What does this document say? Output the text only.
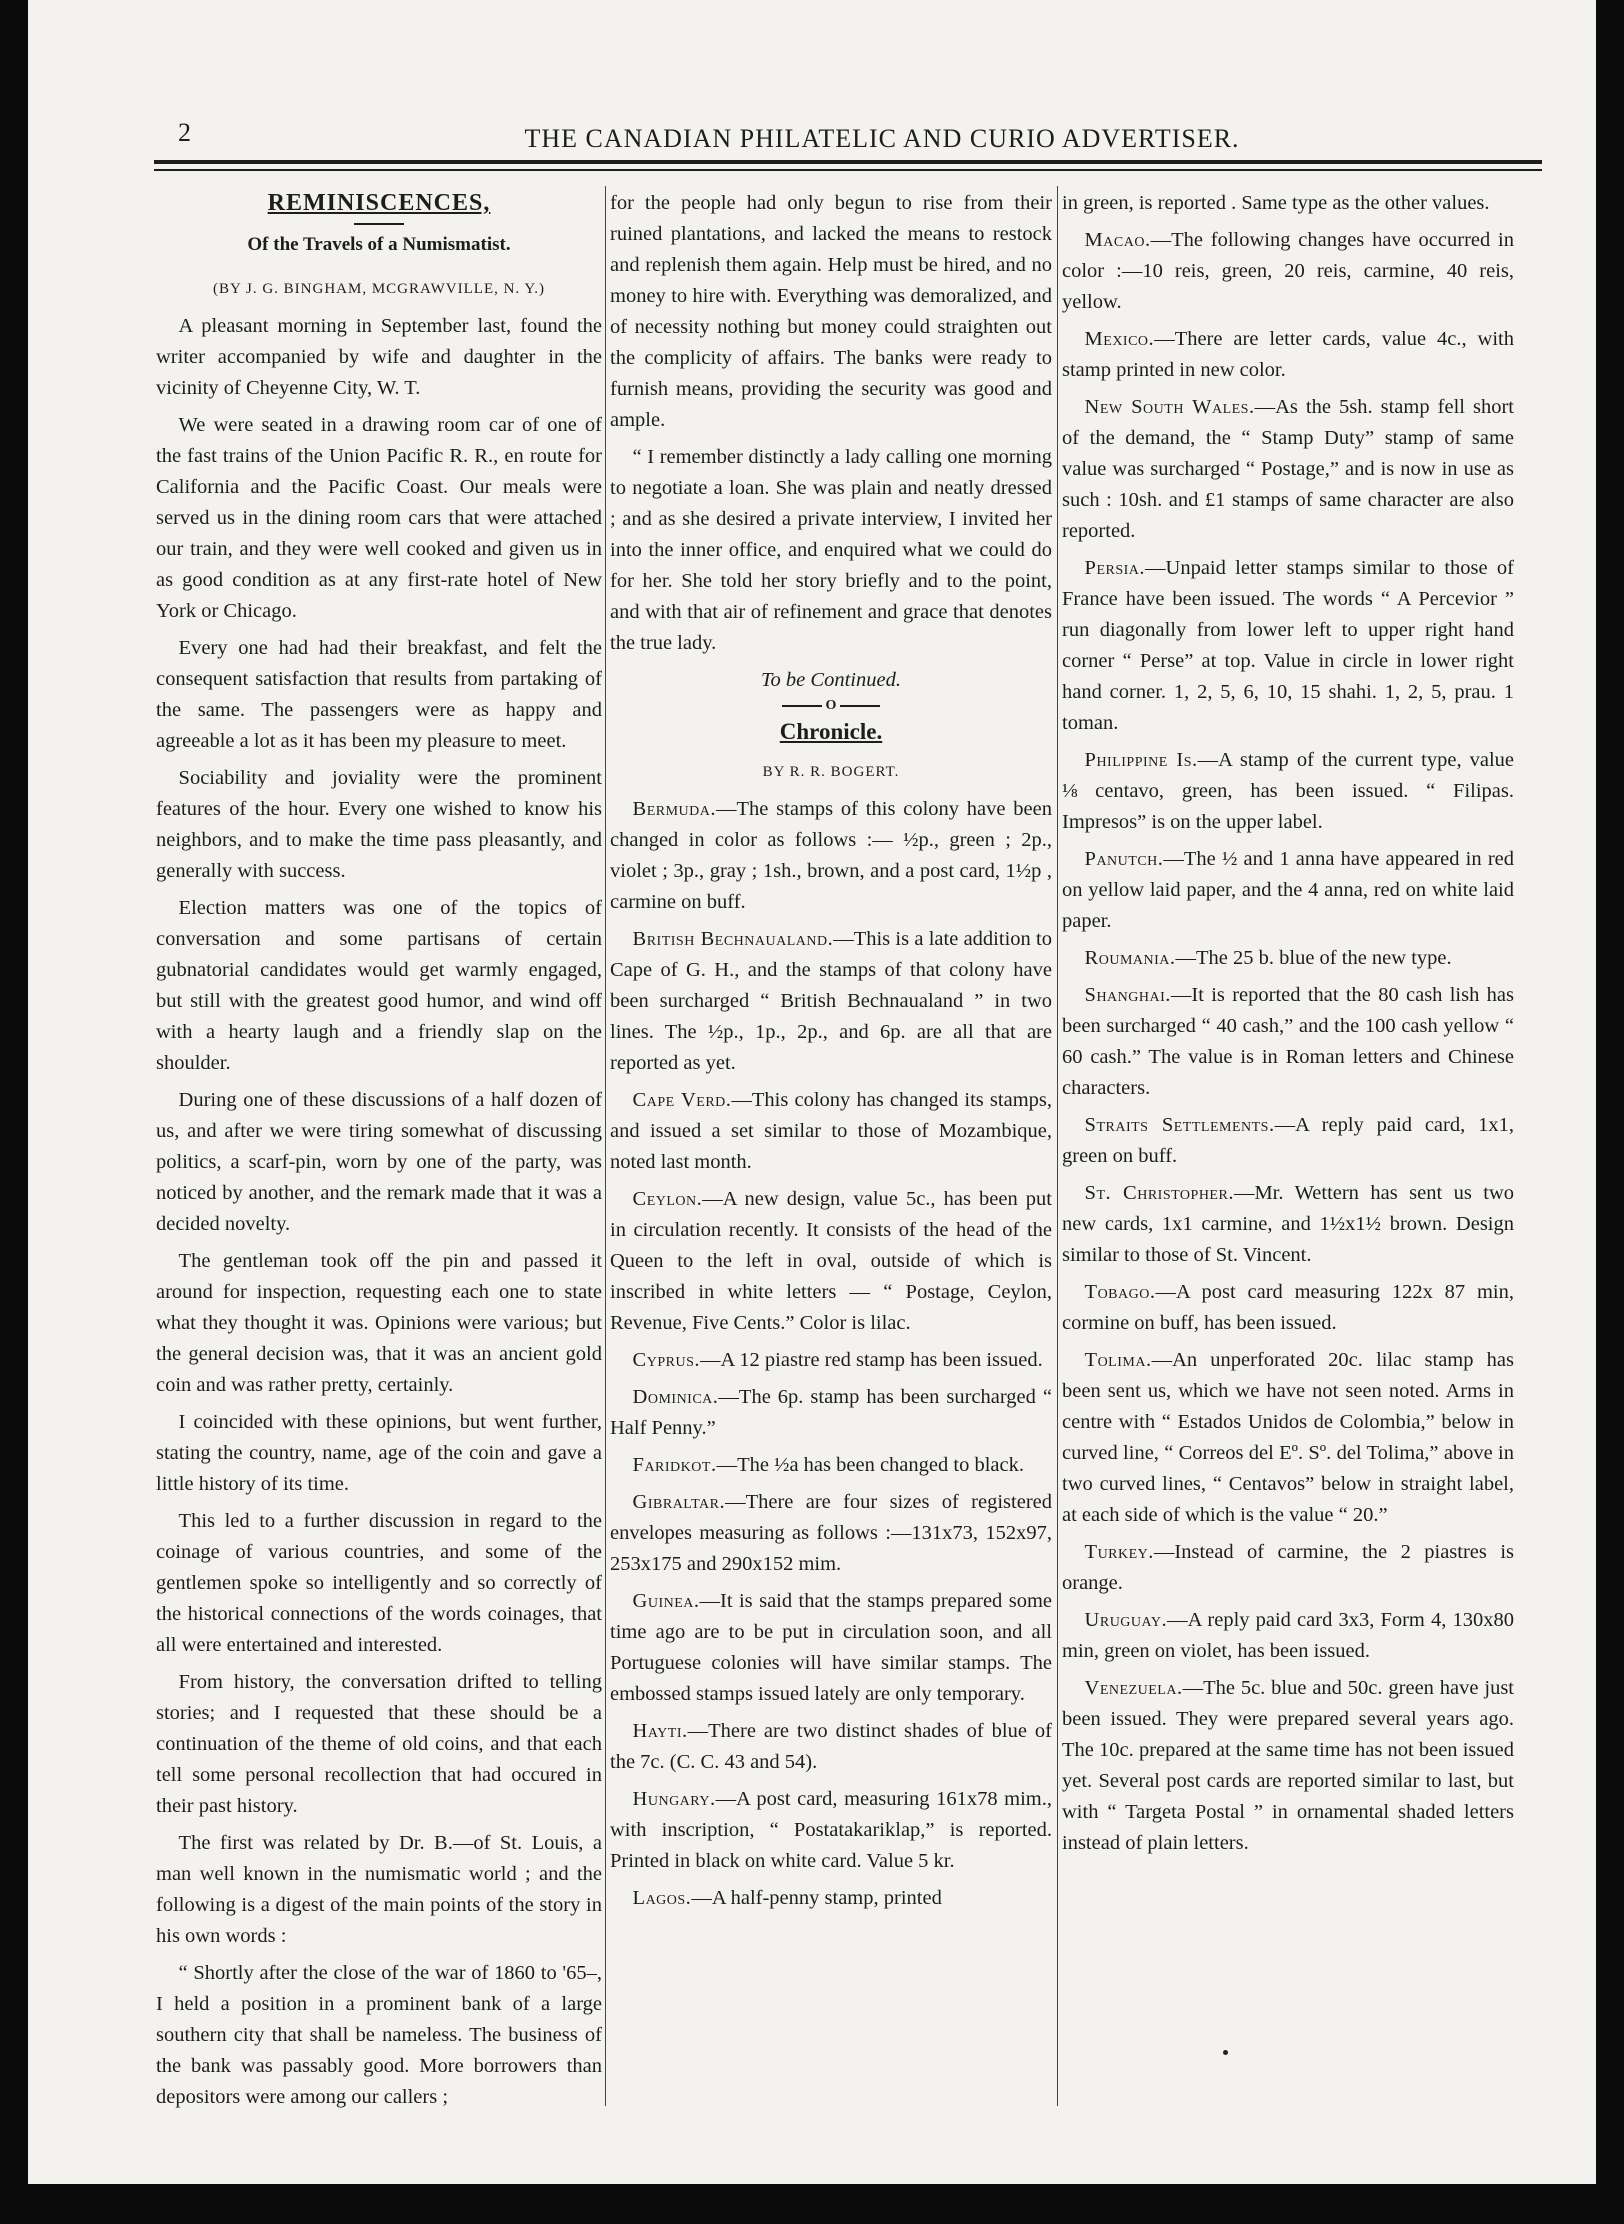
2	THE CANADIAN PHILATELIC AND CURIO ADVERTISER.
REMINISCENCES,
Of the Travels of a Numismatist.
(BY J. G. BINGHAM, MCGRAWVILLE, N. Y.)

A pleasant morning in September last, found the writer accompanied by wife and daughter in the vicinity of Cheyenne City, W. T.

We were seated in a drawing room car of one of the fast trains of the Union Pacific R. R., en route for California and the Pacific Coast. Our meals were served us in the dining room cars that were attached our train, and they were well cooked and given us in as good condition as at any first-rate hotel of New York or Chicago.

Every one had had their breakfast, and felt the consequent satisfaction that results from partaking of the same. The passengers were as happy and agreeable a lot as it has been my pleasure to meet.

Sociability and joviality were the prominent features of the hour. Every one wished to know his neighbors, and to make the time pass pleasantly, and generally with success.

Election matters was one of the topics of conversation and some partisans of certain gubnatorial candidates would get warmly engaged, but still with the greatest good humor, and wind off with a hearty laugh and a friendly slap on the shoulder.

During one of these discussions of a half dozen of us, and after we were tiring somewhat of discussing politics, a scarf-pin, worn by one of the party, was noticed by another, and the remark made that it was a decided novelty.

The gentleman took off the pin and passed it around for inspection, requesting each one to state what they thought it was. Opinions were various; but the general decision was, that it was an ancient gold coin and was rather pretty, certainly.

I coincided with these opinions, but went further, stating the country, name, age of the coin and gave a little history of its time.

This led to a further discussion in regard to the coinage of various countries, and some of the gentlemen spoke so intelligently and so correctly of the historical connections of the words coinages, that all were entertained and interested.

From history, the conversation drifted to telling stories; and I requested that these should be a continuation of the theme of old coins, and that each tell some personal recollection that had occured in their past history.

The first was related by Dr. B.—of St. Louis, a man well known in the numismatic world ; and the following is a digest of the main points of the story in his own words :

“ Shortly after the close of the war of 1860 to '65–, I held a position in a prominent bank of a large southern city that shall be nameless. The business of the bank was passably good. More borrowers than depositors were among our callers ;

for the people had only begun to rise from their ruined plantations, and lacked the means to restock and replenish them again. Help must be hired, and no money to hire with. Everything was demoralized, and of necessity nothing but money could straighten out the complicity of affairs. The banks were ready to furnish means, providing the security was good and ample.

“ I remember distinctly a lady calling one morning to negotiate a loan. She was plain and neatly dressed ; and as she desired a private interview, I invited her into the inner office, and enquired what we could do for her. She told her story briefly and to the point, and with that air of refinement and grace that denotes the true lady.

To be Continued.
O
Chronicle.
BY R. R. BOGERT.

Bermuda.—The stamps of this colony have been changed in color as follows :— ½p., green ; 2p., violet ; 3p., gray ; 1sh., brown, and a post card, 1½p , carmine on buff.

British Bechnaualand.—This is a late addition to Cape of G. H., and the stamps of that colony have been surcharged “ British Bechnaualand ” in two lines. The ½p., 1p., 2p., and 6p. are all that are reported as yet.

Cape Verd.—This colony has changed its stamps, and issued a set similar to those of Mozambique, noted last month.

Ceylon.—A new design, value 5c., has been put in circulation recently. It consists of the head of the Queen to the left in oval, outside of which is inscribed in white letters — “ Postage, Ceylon, Revenue, Five Cents.” Color is lilac.

Cyprus.—A 12 piastre red stamp has been issued.

Dominica.—The 6p. stamp has been surcharged “ Half Penny.”

Faridkot.—The ½a has been changed to black.

Gibraltar.—There are four sizes of registered envelopes measuring as follows :—131x73, 152x97, 253x175 and 290x152 mim.

Guinea.—It is said that the stamps prepared some time ago are to be put in circulation soon, and all Portuguese colonies will have similar stamps. The embossed stamps issued lately are only temporary.

Hayti.—There are two distinct shades of blue of the 7c. (C. C. 43 and 54).

Hungary.—A post card, measuring 161x78 mim., with inscription, “ Postatakariklap,” is reported. Printed in black on white card. Value 5 kr.

Lagos.—A half-penny stamp, printed

in green, is reported . Same type as the other values.

Macao.—The following changes have occurred in color :—10 reis, green, 20 reis, carmine, 40 reis, yellow.

Mexico.—There are letter cards, value 4c., with stamp printed in new color.

New South Wales.—As the 5sh. stamp fell short of the demand, the “ Stamp Duty” stamp of same value was surcharged “ Postage,” and is now in use as such : 10sh. and £1 stamps of same character are also reported.

Persia.—Unpaid letter stamps similar to those of France have been issued. The words “ A Percevior ” run diagonally from lower left to upper right hand corner “ Perse” at top. Value in circle in lower right hand corner. 1, 2, 5, 6, 10, 15 shahi. 1, 2, 5, prau. 1 toman.

Philippine Is.—A stamp of the current type, value ⅛ centavo, green, has been issued. “ Filipas. Impresos” is on the upper label.

Panutch.—The ½ and 1 anna have appeared in red on yellow laid paper, and the 4 anna, red on white laid paper.

Roumania.—The 25 b. blue of the new type.

Shanghai.—It is reported that the 80 cash lish has been surcharged “ 40 cash,” and the 100 cash yellow “ 60 cash.” The value is in Roman letters and Chinese characters.

Straits Settlements.—A reply paid card, 1x1, green on buff.

St. Christopher.—Mr. Wettern has sent us two new cards, 1x1 carmine, and 1½x1½ brown. Design similar to those of St. Vincent.

Tobago.—A post card measuring 122x 87 min, cormine on buff, has been issued.

Tolima.—An unperforated 20c. lilac stamp has been sent us, which we have not seen noted. Arms in centre with “ Estados Unidos de Colombia,” below in curved line, “ Correos del Eº. Sº. del Tolima,” above in two curved lines, “ Centavos” below in straight label, at each side of which is the value “ 20.”

Turkey.—Instead of carmine, the 2 piastres is orange.

Uruguay.—A reply paid card 3x3, Form 4, 130x80 min, green on violet, has been issued.

Venezuela.—The 5c. blue and 50c. green have just been issued. They were prepared several years ago. The 10c. prepared at the same time has not been issued yet. Several post cards are reported similar to last, but with “ Targeta Postal ” in ornamental shaded letters instead of plain letters.
